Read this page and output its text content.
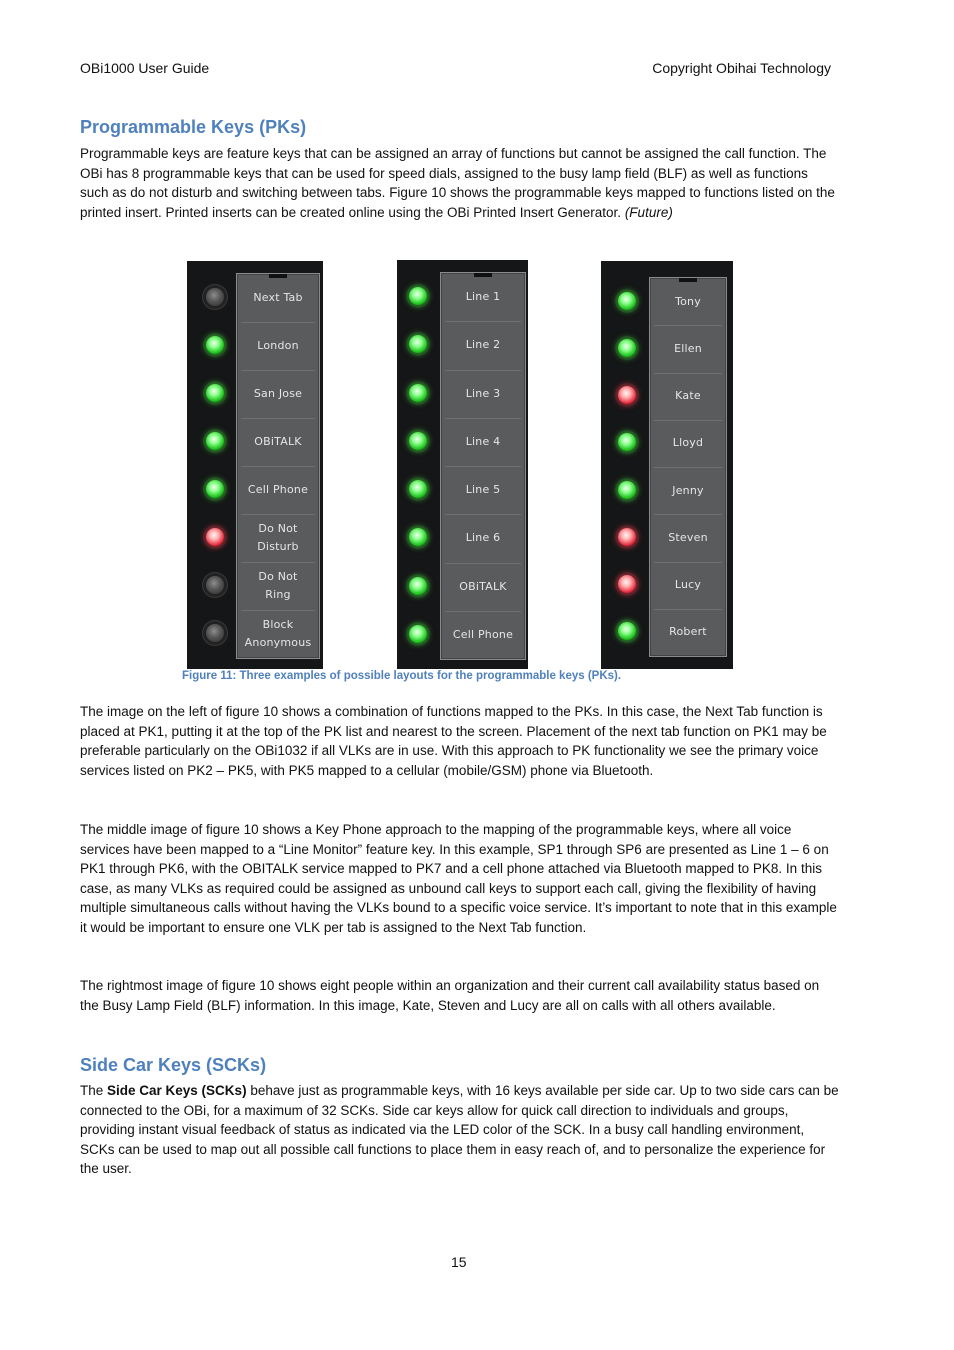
OBi1000 User Guide	Copyright Obihai Technology
Programmable Keys (PKs)
Programmable keys are feature keys that can be assigned an array of functions but cannot be assigned the call function. The OBi has 8 programmable keys that can be used for speed dials, assigned to the busy lamp field (BLF) as well as functions such as do not disturb and switching between tabs. Figure 10 shows the programmable keys mapped to functions listed on the printed insert. Printed inserts can be created online using the OBi Printed Insert Generator. (Future)
Next Tab
London
San Jose
OBiTALK
Cell Phone
Do Not
Disturb
Do Not
Ring
Block
Anonymous
Line 1
Line 2
Line 3
Line 4
Line 5
Line 6
OBiTALK
Cell Phone
Tony
Ellen
Kate
Lloyd
Jenny
Steven
Lucy
Robert
Figure 11: Three examples of possible layouts for the programmable keys (PKs).
The image on the left of figure 10 shows a combination of functions mapped to the PKs. In this case, the Next Tab function is placed at PK1, putting it at the top of the PK list and nearest to the screen. Placement of the next tab function on PK1 may be preferable particularly on the OBi1032 if all VLKs are in use. With this approach to PK functionality we see the primary voice services listed on PK2 – PK5, with PK5 mapped to a cellular (mobile/GSM) phone via Bluetooth.
The middle image of figure 10 shows a Key Phone approach to the mapping of the programmable keys, where all voice services have been mapped to a “Line Monitor” feature key. In this example, SP1 through SP6 are presented as Line 1 – 6 on PK1 through PK6, with the OBITALK service mapped to PK7 and a cell phone attached via Bluetooth mapped to PK8. In this case, as many VLKs as required could be assigned as unbound call keys to support each call, giving the flexibility of having multiple simultaneous calls without having the VLKs bound to a specific voice service. It’s important to note that in this example it would be important to ensure one VLK per tab is assigned to the Next Tab function.
The rightmost image of figure 10 shows eight people within an organization and their current call availability status based on the Busy Lamp Field (BLF) information. In this image, Kate, Steven and Lucy are all on calls with all others available.
Side Car Keys (SCKs)
The Side Car Keys (SCKs) behave just as programmable keys, with 16 keys available per side car. Up to two side cars can be connected to the OBi, for a maximum of 32 SCKs. Side car keys allow for quick call direction to individuals and groups, providing instant visual feedback of status as indicated via the LED color of the SCK. In a busy call handling environment, SCKs can be used to map out all possible call functions to place them in easy reach of, and to personalize the experience for the user.
15
